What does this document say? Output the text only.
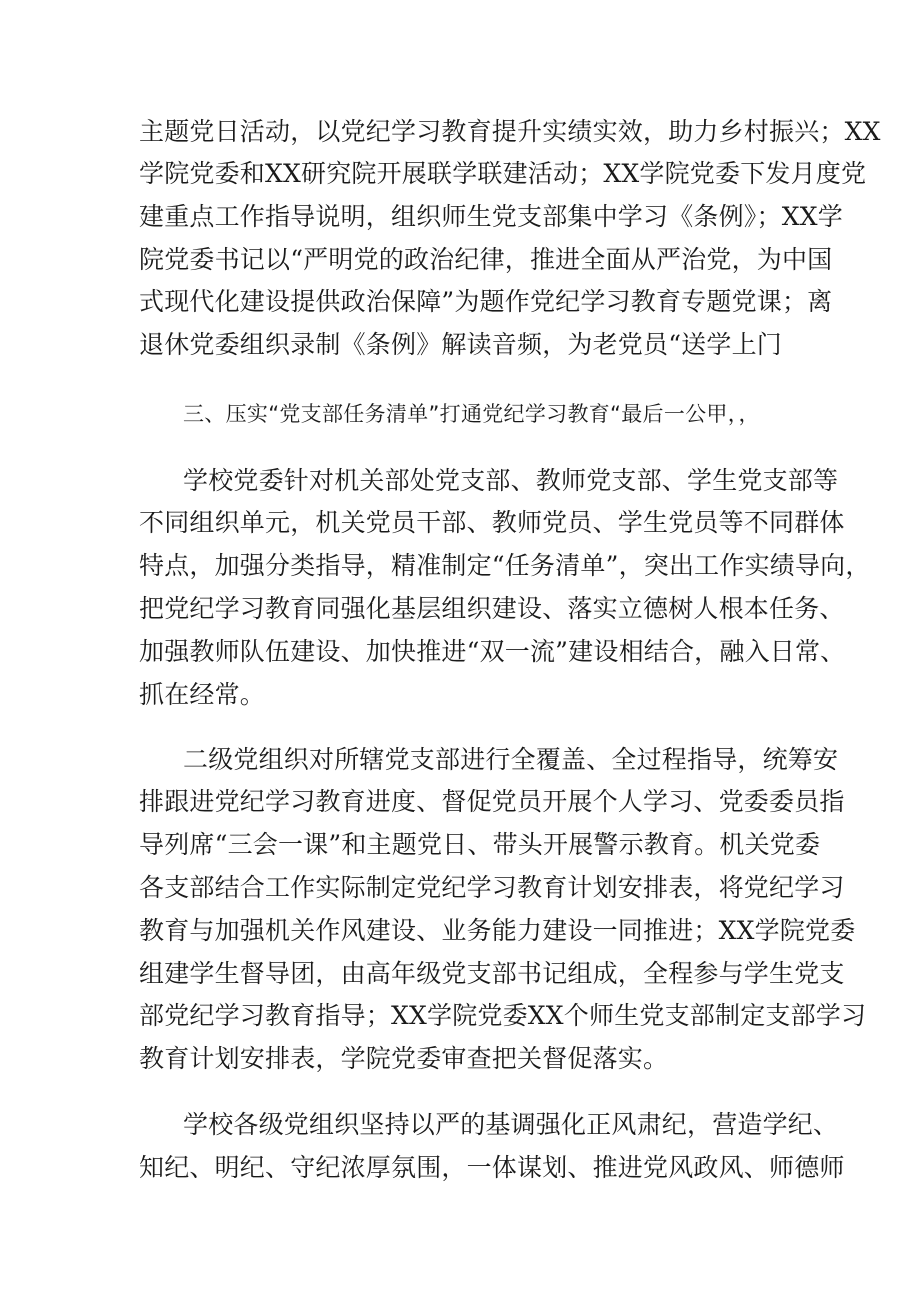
主题党日活动，以党纪学习教育提升实绩实效，助力乡村振兴；XX
学院党委和XX研究院开展联学联建活动；XX学院党委下发月度党
建重点工作指导说明，组织师生党支部集中学习《条例》；XX学
院党委书记以“严明党的政治纪律，推进全面从严治党，为中国
式现代化建设提供政治保障”为题作党纪学习教育专题党课；离
退休党委组织录制《条例》解读音频，为老党员“送学上门
三、压实“党支部任务清单”打通党纪学习教育“最后一公甲，，
学校党委针对机关部处党支部、教师党支部、学生党支部等
不同组织单元，机关党员干部、教师党员、学生党员等不同群体
特点，加强分类指导，精准制定“任务清单”，突出工作实绩导向，
把党纪学习教育同强化基层组织建设、落实立德树人根本任务、
加强教师队伍建设、加快推进“双一流”建设相结合，融入日常、
抓在经常。
二级党组织对所辖党支部进行全覆盖、全过程指导，统筹安
排跟进党纪学习教育进度、督促党员开展个人学习、党委委员指
导列席“三会一课”和主题党日、带头开展警示教育。机关党委
各支部结合工作实际制定党纪学习教育计划安排表，将党纪学习
教育与加强机关作风建设、业务能力建设一同推进；XX学院党委
组建学生督导团，由高年级党支部书记组成，全程参与学生党支
部党纪学习教育指导；XX学院党委XX个师生党支部制定支部学习
教育计划安排表，学院党委审查把关督促落实。
学校各级党组织坚持以严的基调强化正风肃纪，营造学纪、
知纪、明纪、守纪浓厚氛围，一体谋划、推进党风政风、师德师
